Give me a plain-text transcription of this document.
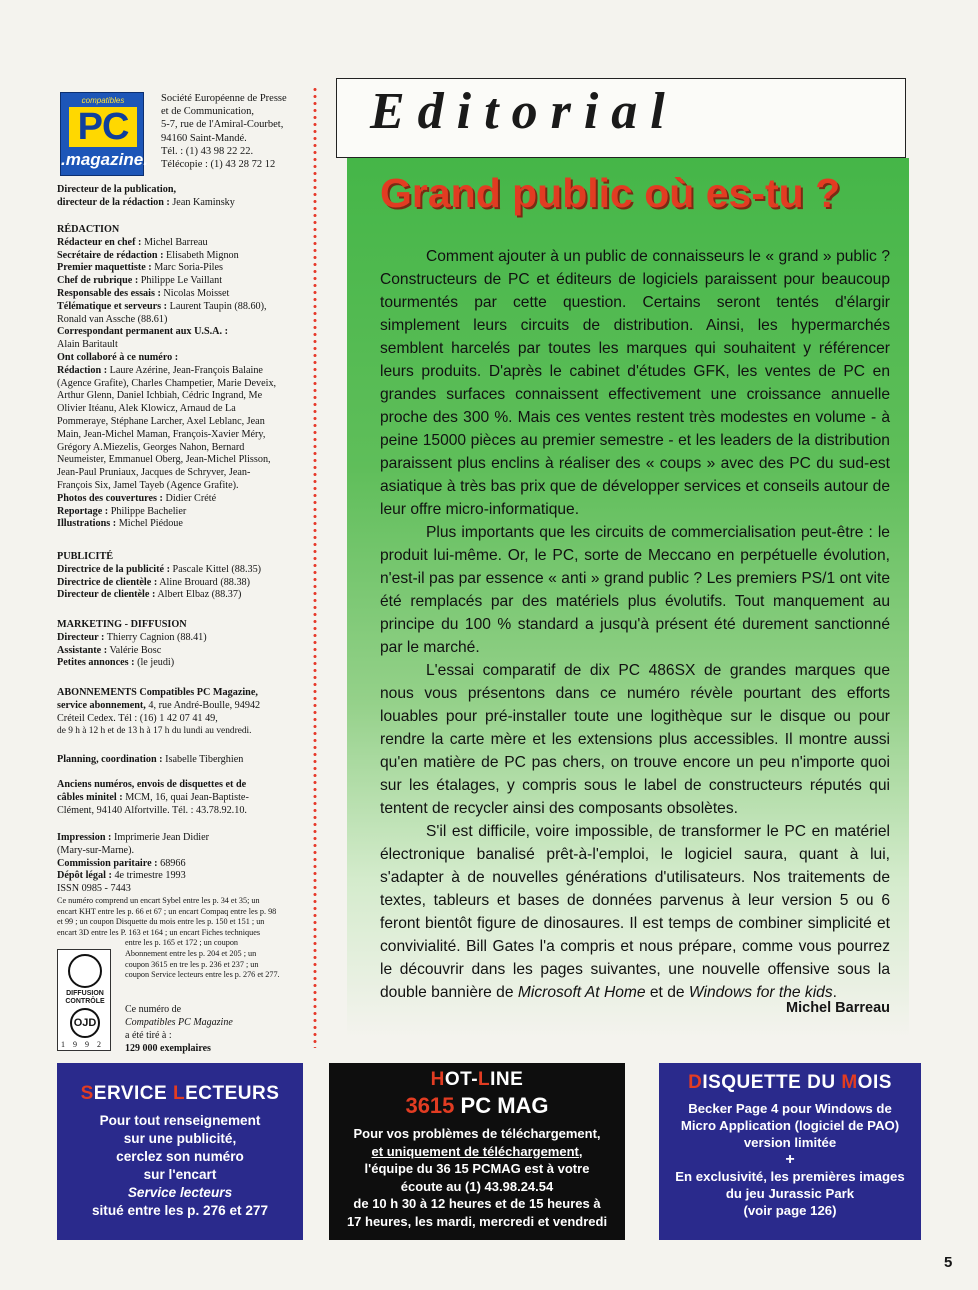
compatibles
PC
.magazine.
Société Européenne de Presse
et de Communication,
5-7, rue de l'Amiral-Courbet,
94160 Saint-Mandé.
Tél. : (1) 43 98 22 22.
Télécopie : (1) 43 28 72 12
Directeur de la publication,
directeur de la rédaction : Jean Kaminsky
RÉDACTION
Rédacteur en chef : Michel Barreau
Secrétaire de rédaction : Elisabeth Mignon
Premier maquettiste : Marc Soria-Piles
Chef de rubrique : Philippe Le Vaillant
Responsable des essais : Nicolas Moisset
Télématique et serveurs : Laurent Taupin (88.60),
Ronald van Assche (88.61)
Correspondant permanent aux U.S.A. :
Alain Baritault
Ont collaboré à ce numéro :
Rédaction : Laure Azérine, Jean-François Balaine
(Agence Grafite), Charles Champetier, Marie Deveix,
Arthur Glenn, Daniel Ichbiah, Cédric Ingrand, Me
Olivier Itéanu, Alek Klowicz, Arnaud de La
Pommeraye, Stéphane Larcher, Axel Leblanc, Jean
Main, Jean-Michel Maman, François-Xavier Méry,
Grégory A.Miezelis, Georges Nahon, Bernard
Neumeister, Emmanuel Oberg, Jean-Michel Plisson,
Jean-Paul Pruniaux, Jacques de Schryver, Jean-
François Six, Jamel Tayeb (Agence Grafite).
Photos des couvertures : Didier Crété
Reportage : Philippe Bachelier
Illustrations : Michel Piédoue
PUBLICITÉ
Directrice de la publicité : Pascale Kittel (88.35)
Directrice de clientèle : Aline Brouard (88.38)
Directeur de clientèle : Albert Elbaz (88.37)
MARKETING - DIFFUSION
Directeur : Thierry Cagnion (88.41)
Assistante : Valérie Bosc
Petites annonces : (le jeudi)
ABONNEMENTS Compatibles PC Magazine,
service abonnement, 4, rue André-Boulle, 94942
Créteil Cedex. Tél : (16) 1 42 07 41 49,
de 9 h à 12 h et de 13 h à 17 h du lundi au vendredi.
Planning, coordination : Isabelle Tiberghien
Anciens numéros, envois de disquettes et de
câbles minitel : MCM, 16, quai Jean-Baptiste-
Clément, 94140 Alfortville. Tél. : 43.78.92.10.
Impression : Imprimerie Jean Didier
(Mary-sur-Marne).
Commission paritaire : 68966
Dépôt légal : 4e trimestre 1993
ISSN 0985 - 7443
Ce numéro comprend un encart Sybel entre les p. 34 et 35; un
encart KHT entre les p. 66 et 67 ; un encart Compaq entre les p. 98
et 99 ; un coupon Disquette du mois entre les p. 150 et 151 ; un
encart 3D entre les P. 163 et 164 ; un encart Fiches techniques
entre les p. 165 et 172 ; un coupon
Abonnement entre les p. 204 et 205 ; un
coupon 3615 en tre les p. 236 et 237 ; un
coupon Service lecteurs entre les p. 276 et 277.
DIFFUSION
CONTRÔLE
OJD
1992
Ce numéro de
Compatibles PC Magazine
a été tiré à :
129 000 exemplaires
Editorial
Grand public où es-tu ?

Comment ajouter à un public de connaisseurs le « grand » public ? Constructeurs de PC et éditeurs de logiciels paraissent pour beaucoup tourmentés par cette question. Certains seront tentés d'élargir simplement leurs circuits de distribution. Ainsi, les hypermarchés semblent harcelés par toutes les marques qui souhaitent y référencer leurs produits. D'après le cabinet d'études GFK, les ventes de PC en grandes surfaces connaissent effectivement une croissance annuelle proche des 300 %. Mais ces ventes restent très modestes en volume - à peine 15000 pièces au premier semestre - et les leaders de la distribution paraissent plus enclins à réaliser des « coups » avec des PC du sud-est asiatique à très bas prix que de développer services et conseils autour de leur offre micro-informatique.

Plus importants que les circuits de commercialisation peut-être : le produit lui-même. Or, le PC, sorte de Meccano en perpétuelle évolution, n'est-il pas par essence « anti » grand public ? Les premiers PS/1 ont vite été remplacés par des matériels plus évolutifs. Tout manquement au principe du 100 % standard a jusqu'à présent été durement sanctionné par le marché.

L'essai comparatif de dix PC 486SX de grandes marques que nous vous présentons dans ce numéro révèle pourtant des efforts louables pour pré-installer toute une logithèque sur le disque ou pour rendre la carte mère et les extensions plus accessibles. Il montre aussi qu'en matière de PC pas chers, on trouve encore un peu n'importe quoi sur les étalages, y compris sous le label de constructeurs réputés qui tentent de recycler ainsi des composants obsolètes.

S'il est difficile, voire impossible, de transformer le PC en matériel électronique banalisé prêt-à-l'emploi, le logiciel saura, quant à lui, s'adapter à de nouvelles générations d'utilisateurs. Nos traitements de textes, tableurs et bases de données parvenus à leur version 5 ou 6 feront bientôt figure de dinosaures. Il est temps de combiner simplicité et convivialité. Bill Gates l'a compris et nous prépare, comme vous pourrez le découvrir dans les pages suivantes, une nouvelle offensive sous la double bannière de Microsoft At Home et de Windows for the kids.

Michel Barreau
SERVICE LECTEURS
Pour tout renseignement
sur une publicité,
cerclez son numéro
sur l'encart
Service lecteurs
situé entre les p. 276 et 277
HOT-LINE
3615 PC MAG
Pour vos problèmes de téléchargement,
et uniquement de téléchargement,
l'équipe du 36 15 PCMAG est à votre
écoute au (1) 43.98.24.54
de 10 h 30 à 12 heures et de 15 heures à
17 heures, les mardi, mercredi et vendredi
DISQUETTE DU MOIS
Becker Page 4 pour Windows de
Micro Application (logiciel de PAO)
version limitée
+
En exclusivité, les premières images
du jeu Jurassic Park
(voir page 126)
5
